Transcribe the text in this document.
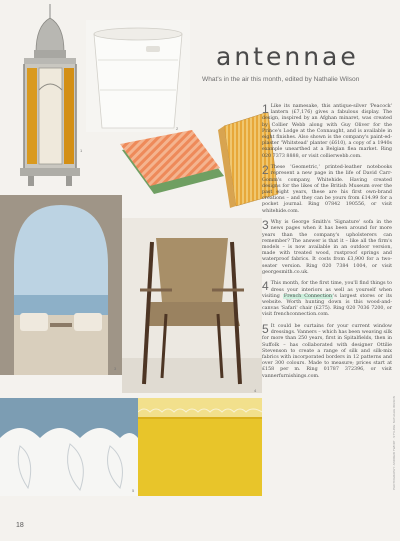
1
2
3
4
5
antennae

What's in the air this month, edited by Nathalie Wilson

1 Like its namesake, this antique-silver 'Peacock' lantern (£7,176) gives a fabulous display. The design, inspired by an Afghan minaret, was created by Collier Webb along with Guy Oliver for the Prince's Lodge at the Connaught, and is available in eight finishes. Also shown is the company's paint-ed-plaster 'Whitstead' planter (£610), a copy of a 1940s example unearthed at a Belgian flea market. Ring 020 7373 8888, or visit collierwebb.com.

2 These 'Geometric,' printed-leather notebooks represent a new page in the life of David Carr-Gomm's company, Whitehide. Having created designs for the likes of the British Museum over the past eight years, these are his first own-brand creations – and they can be yours from £14.99 for a pocket journal. Ring 07842 190556, or visit whitehide.com.

3 Why is George Smith's 'Signature' sofa in the news pages when it has been around for more years than the company's upholsterers can remember? The answer is that it – like all the firm's models – is now available in an outdoor version, made with treated wood, rustproof springs and waterproof fabrics. It costs from £3,900 for a two-seater version. Ring 020 7384 1004, or visit georgesmith.co.uk.

4 This month, for the first time, you'll find things to dress your interiors as well as yourself when visiting French Connection's largest stores or its website. Worth hunting down is this wood-and-canvas 'Safari' chair (£275). Ring 020 7036 7200, or visit frenchconnection.com.

5 It could be curtains for your current window dressings. Vanners – which has been weaving silk for more than 250 years, first in Spitalfields, then in Suffolk – has collaborated with designer Ottilie Stevenson to create a range of silk and silk-mix fabrics with incorporated borders in 12 patterns and over 300 colours. Made to measure; prices start at £158 per m. Ring 01787 372396, or visit vannerfurnishings.com.

PHOTOGRAPHY: ANDREW TWORT · STYLING: NATHALIE WILSON
18
